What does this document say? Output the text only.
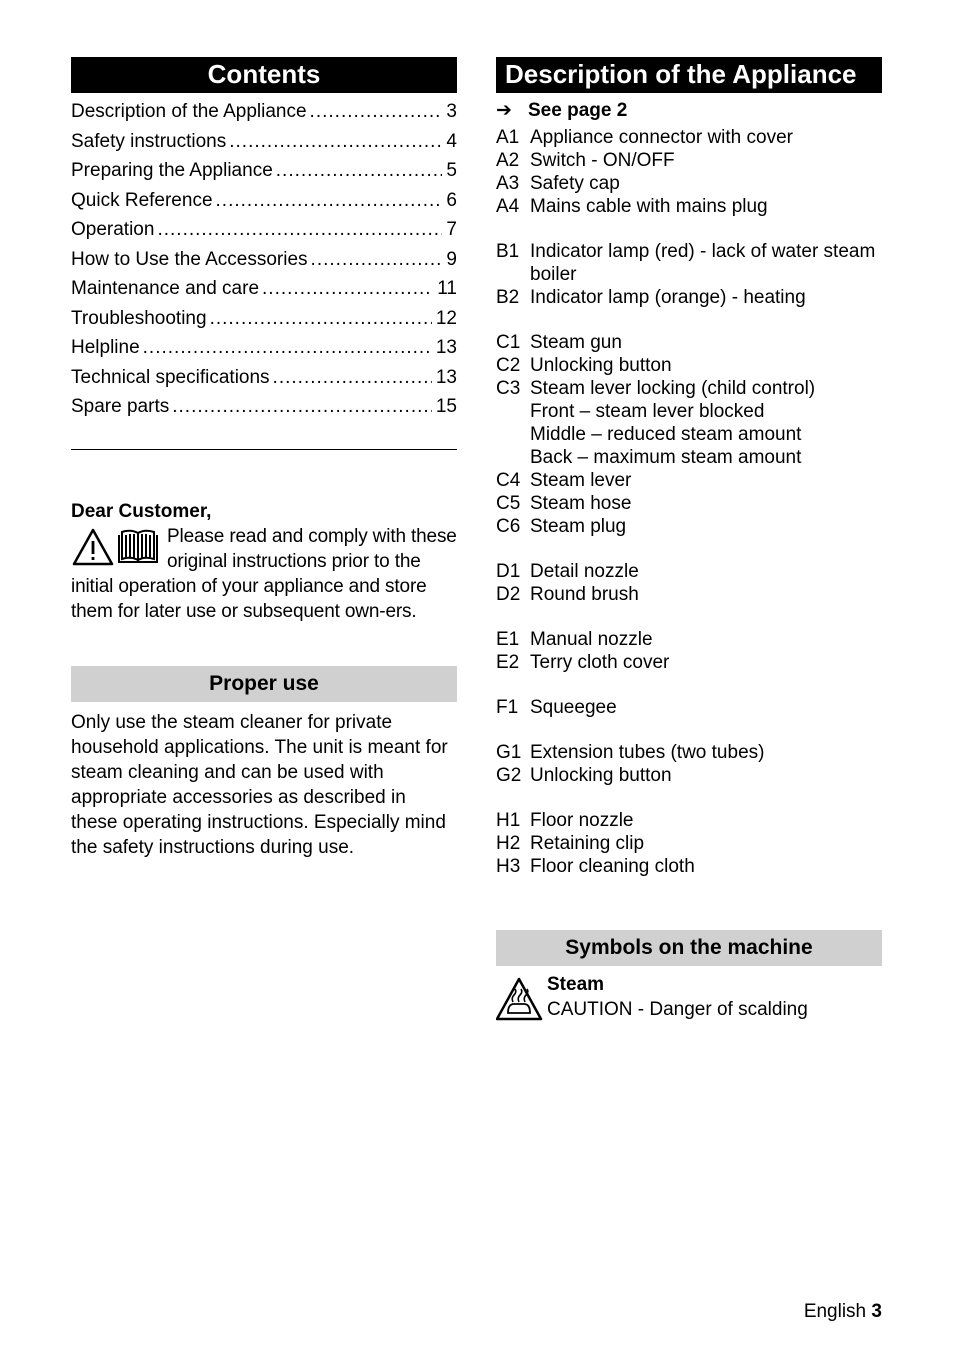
Contents
Description of the Appliance .....	3
Safety instructions .....	4
Preparing the Appliance .....	5
Quick Reference .....	6
Operation .....	7
How to Use the Accessories .....	9
Maintenance and care .....	11
Troubleshooting .....	12
Helpline .....	13
Technical specifications .....	13
Spare parts .....	15
Dear Customer,
Please read and comply with these original instructions prior to the initial operation of your appliance and store them for later use or subsequent own-ers.
Proper use

Only use the steam cleaner for private household applications. The unit is meant for steam cleaning and can be used with appropriate accessories as described in these operating instructions. Especially mind the safety instructions during use.

Description of the Appliance
➔ See page 2
A1 Appliance connector with cover
A2 Switch - ON/OFF
A3 Safety cap
A4 Mains cable with mains plug
B1 Indicator lamp (red) - lack of water steam boiler
B2 Indicator lamp (orange) - heating
C1 Steam gun
C2 Unlocking button
C3 Steam lever locking (child control)
Front – steam lever blocked
Middle – reduced steam amount
Back – maximum steam amount
C4 Steam lever
C5 Steam hose
C6 Steam plug
D1 Detail nozzle
D2 Round brush
E1 Manual nozzle
E2 Terry cloth cover
F1 Squeegee
G1 Extension tubes (two tubes)
G2 Unlocking button
H1 Floor nozzle
H2 Retaining clip
H3 Floor cleaning cloth
Symbols on the machine
Steam
CAUTION - Danger of scalding
English 3
